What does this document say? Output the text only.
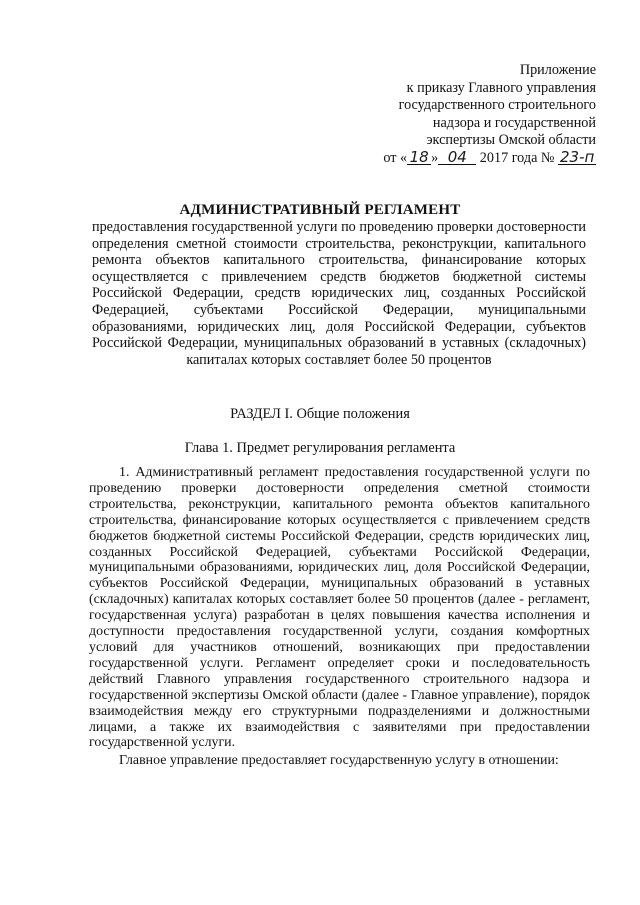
Приложение
к приказу Главного управления
государственного строительного
надзора и государственной
экспертизы Омской области
от « 18 » 04 2017 года № 23-п
АДМИНИСТРАТИВНЫЙ РЕГЛАМЕНТ
предоставления государственной услуги по проведению проверки достоверности определения сметной стоимости строительства, реконструкции, капитального ремонта объектов капитального строительства, финансирование которых осуществляется с привлечением средств бюджетов бюджетной системы Российской Федерации, средств юридических лиц, созданных Российской Федерацией, субъектами Российской Федерации, муниципальными образованиями, юридических лиц, доля Российской Федерации, субъектов Российской Федерации, муниципальных образований в уставных (складочных) капиталах которых составляет более 50 процентов
РАЗДЕЛ I. Общие положения
Глава 1. Предмет регулирования регламента

1. Административный регламент предоставления государственной услуги по проведению проверки достоверности определения сметной стоимости строительства, реконструкции, капитального ремонта объектов капитального строительства, финансирование которых осуществляется с привлечением средств бюджетов бюджетной системы Российской Федерации, средств юридических лиц, созданных Российской Федерацией, субъектами Российской Федерации, муниципальными образованиями, юридических лиц, доля Российской Федерации, субъектов Российской Федерации, муниципальных образований в уставных (складочных) капиталах которых составляет более 50 процентов (далее - регламент, государственная услуга) разработан в целях повышения качества исполнения и доступности предоставления государственной услуги, создания комфортных условий для участников отношений, возникающих при предоставлении государственной услуги. Регламент определяет сроки и последовательность действий Главного управления государственного строительного надзора и государственной экспертизы Омской области (далее - Главное управление), порядок взаимодействия между его структурными подразделениями и должностными лицами, а также их взаимодействия с заявителями при предоставлении государственной услуги.

Главное управление предоставляет государственную услугу в отношении:
